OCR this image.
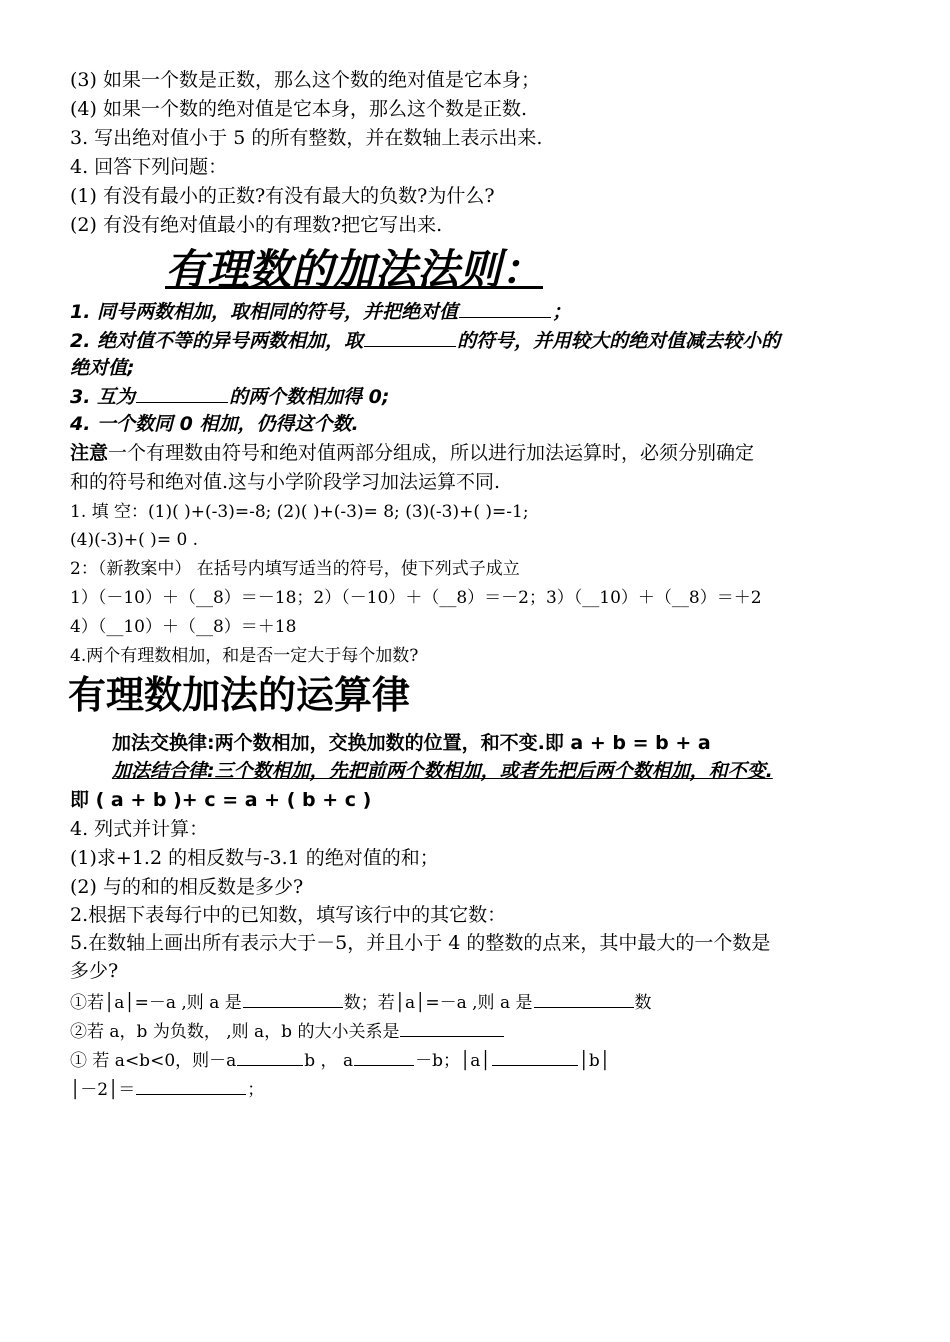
(3) 如果一个数是正数，那么这个数的绝对值是它本身；
(4) 如果一个数的绝对值是它本身，那么这个数是正数.
3. 写出绝对值小于 5 的所有整数，并在数轴上表示出来.
4. 回答下列问题：
(1) 有没有最小的正数?有没有最大的负数?为什么?
(2) 有没有绝对值最小的有理数?把它写出来.
有理数的加法法则：
1. 同号两数相加，取相同的符号，并把绝对值	；
2. 绝对值不等的异号两数相加，取	的符号，并用较大的绝对值减去较小的
绝对值;
3. 互为	的两个数相加得 0;
4. 一个数同 0 相加，仍得这个数.
注意一个有理数由符号和绝对值两部分组成，所以进行加法运算时，必须分别确定
和的符号和绝对值.这与小学阶段学习加法运算不同.
1. 填 空：(1)( )+(-3)=-8; (2)( )+(-3)= 8; (3)(-3)+( )=-1;
(4)(-3)+( )= 0 .
2：（新教案中） 在括号内填写适当的符号，使下列式子成立
1）（－10）＋（__8）＝－18；2）（－10）＋（__8）＝－2；3）（__10）＋（__8）＝＋2
4）（__10）＋（__8）＝＋18
4.两个有理数相加，和是否一定大于每个加数?
有理数加法的运算律
加法交换律:两个数相加，交换加数的位置，和不变.即 a + b = b + a
加法结合律:三个数相加，先把前两个数相加，或者先把后两个数相加，和不变.
即 ( a + b )+ c = a + ( b + c )
4. 列式并计算：
(1)求+1.2 的相反数与-3.1 的绝对值的和；
(2) 与的和的相反数是多少?
2.根据下表每行中的已知数，填写该行中的其它数：
5.在数轴上画出所有表示大于－5，并且小于 4 的整数的点来，其中最大的一个数是
多少?
①若│a│=－a ,则 a 是	数；若│a│=－a ,则 a 是	数
②若 a，b 为负数， ,则 a，b 的大小关系是
① 若 a<b<0，则－a	b ， a	－b；│a│	│b│
│－2│＝	；
